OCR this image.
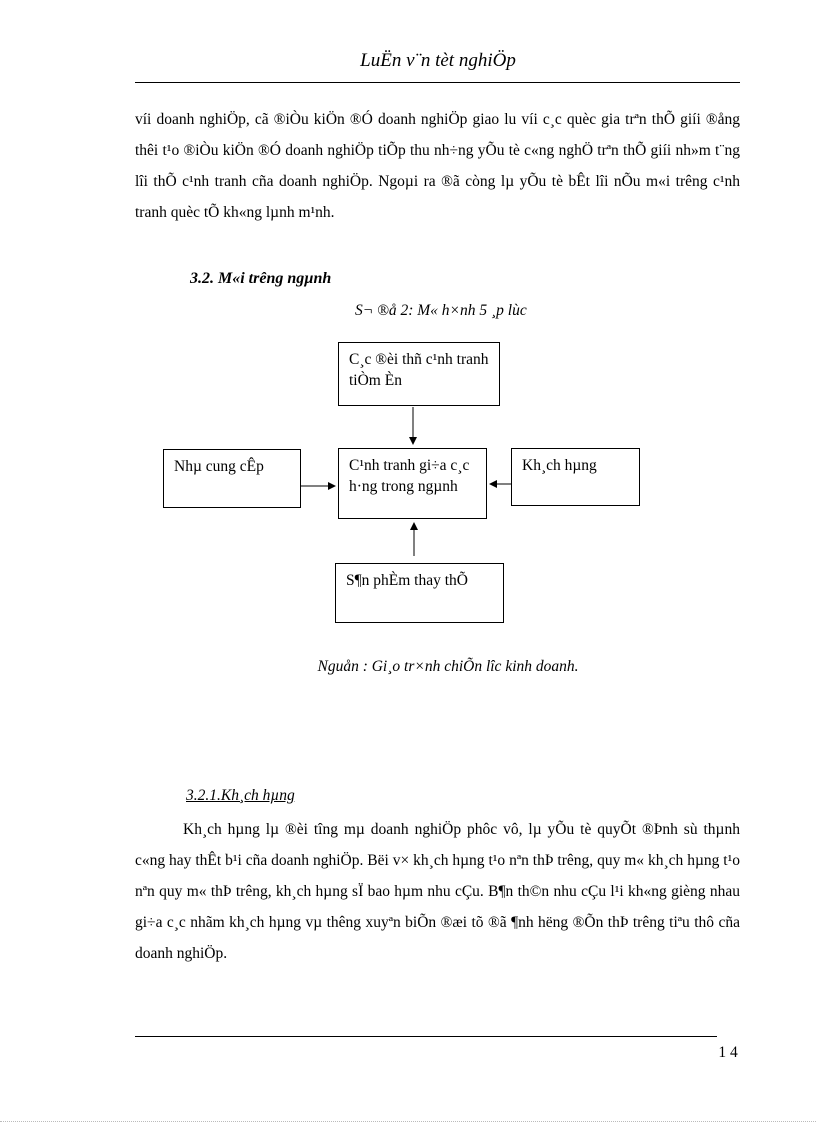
LuËn v¨n tèt nghiÖp

víi doanh nghiÖp, cã ®iÒu kiÖn ®Ó doanh nghiÖp giao lu víi c¸c quèc gia trªn thÕ giíi ®ång thêi t¹o ®iÒu kiÖn ®Ó doanh nghiÖp tiÕp thu nh÷ng yÕu tè c«ng nghÖ trªn thÕ giíi nh»m t¨ng lîi thÕ c¹nh tranh cña doanh nghiÖp. Ngoµi ra ®ã còng lµ yÕu tè bÊt lîi nÕu m«i trêng c¹nh tranh quèc tÕ kh«ng lµnh m¹nh.

3.2. M«i trêng ngµnh
S¬ ®å 2: M« h×nh 5 ¸p lùc
C¸c ®èi thñ c¹nh tranh tiÒm Èn
Nhµ cung cÊp	C¹nh tranh gi÷a c¸c h·ng trong ngµnh
Kh¸ch hµng
S¶n phÈm thay thÕ
Nguån : Gi¸o tr×nh chiÕn lîc kinh doanh.
3.2.1.Kh¸ch hµng

Kh¸ch hµng lµ ®èi tîng mµ doanh nghiÖp phôc vô, lµ yÕu tè quyÕt ®Þnh sù thµnh c«ng hay thÊt b¹i cña doanh nghiÖp. Bëi v× kh¸ch hµng t¹o nªn thÞ trêng, quy m« kh¸ch hµng t¹o nªn quy m« thÞ trêng, kh¸ch hµng sÏ bao hµm nhu cÇu. B¶n th©n nhu cÇu l¹i kh«ng gièng nhau gi÷a c¸c nhãm kh¸ch hµng vµ thêng xuyªn biÕn ®æi tõ ®ã ¶nh hëng ®Õn thÞ trêng tiªu thô cña doanh nghiÖp.

1 4
